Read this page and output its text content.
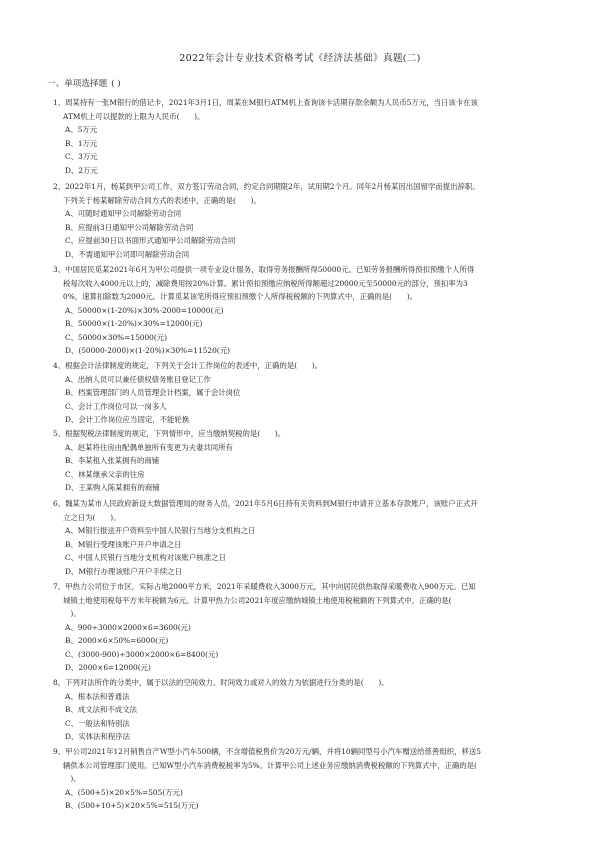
2022年会计专业技术资格考试《经济法基础》真题(二)
一、单项选择题 ( )
1、周某持有一张M银行的借记卡，2021年3月1日，周某在M银行ATM机上查询该卡活期存款余额为人民币5万元，当日该卡在该
ATM机上可以提款的上限为人民币(　　)。
A、5万元
B、1万元
C、3万元
D、2万元
2、2022年1月，杨某到甲公司工作，双方签订劳动合同，约定合同期限2年，试用期2个月。同年2月杨某因出国留学而提出辞职。
下列关于杨某解除劳动合同方式的表述中，正确的是(　　)。
A、可随时通知甲公司解除劳动合同
B、应提前3日通知甲公司解除劳动合同
C、应提前30日以书面形式通知甲公司解除劳动合同
D、不需通知甲公司即可解除劳动合同
3、中国居民觅某2021年6月为甲公司提供一项专业设计服务，取得劳务报酬所得50000元。已知劳务报酬所得预扣预缴个人所得
税每次收入4000元以上的，减除费用按20%计算。累计预扣预缴应纳税所得额超过20000元至50000元的部分，预扣率为3
0%，速算扣除数为2000元。计算觅某该笔所得应预扣预缴个人所得税税额的下列算式中，正确的是(　　)。
A、50000×(1-20%)×30%-2000=10000(元)
B、50000×(1-20%)×30%=12000(元)
C、50000×30%=15000(元)
D、(50000-2000)×(1-20%)×30%=11520(元)
4、根据会计法律制度的规定，下列关于会计工作岗位的表述中，正确的是(　　)。
A、出纳人员可以兼任债权债务账目登记工作
B、档案管理部门的人员管理会计档案，属于会计岗位
C、会计工作岗位可以一岗多人
D、会计工作岗位应当固定，不能轮换
5、根据契税法律制度的规定，下列情形中，应当缴纳契税的是(　　)。
A、赵某将住房由配偶单独所有变更为夫妻共同所有
B、李某租入张某拥有的商铺
C、林某继承父亲的住房
D、王某购入陈某拥有的商铺
6、魏某为某市人民政府新设大数据管理局的财务人员，2021年5月6日持有关资料到M银行申请开立基本存款账户，该账户正式开
立之日为(　　)。
A、M银行报送开户资料至中国人民银行当地分支机构之日
B、M银行受理该账户开户申请之日
C、中国人民银行当地分支机构对该账户核准之日
D、M银行办理该账户开户手续之日
7、甲热力公司位于市区，实际占地2000平方米，2021年采暖费收入3000万元，其中向居民供热取得采暖费收入900万元。已知
城镇土地使用税每平方米年税额为6元。计算甲热力公司2021年度应缴纳城镇土地使用税税额的下列算式中，正确的是(
　)。
A、900÷3000×2000×6=3600(元)
B、2000×6×50%=6000(元)
C、(3000-900)÷3000×2000×6=8400(元)
D、2000×6=12000(元)
8、下列对法所作的分类中，属于以法的空间效力、时间效力或对人的效力为依据进行分类的是(　　)。
A、根本法和普通法
B、成文法和不成文法
C、一般法和特别法
D、实体法和程序法
9、甲公司2021年12月销售自产W型小汽车500辆，不含增值税售价为20万元/辆，并将10辆同型号小汽车赠送给慈善组织，移送5
辆供本公司管理部门使用。已知W型小汽车消费税税率为5%。计算甲公司上述业务应缴纳消费税税额的下列算式中，正确的是(
　)。
A、(500+5)×20×5%=505(万元)
B、(500+10+5)×20×5%=515(万元)
